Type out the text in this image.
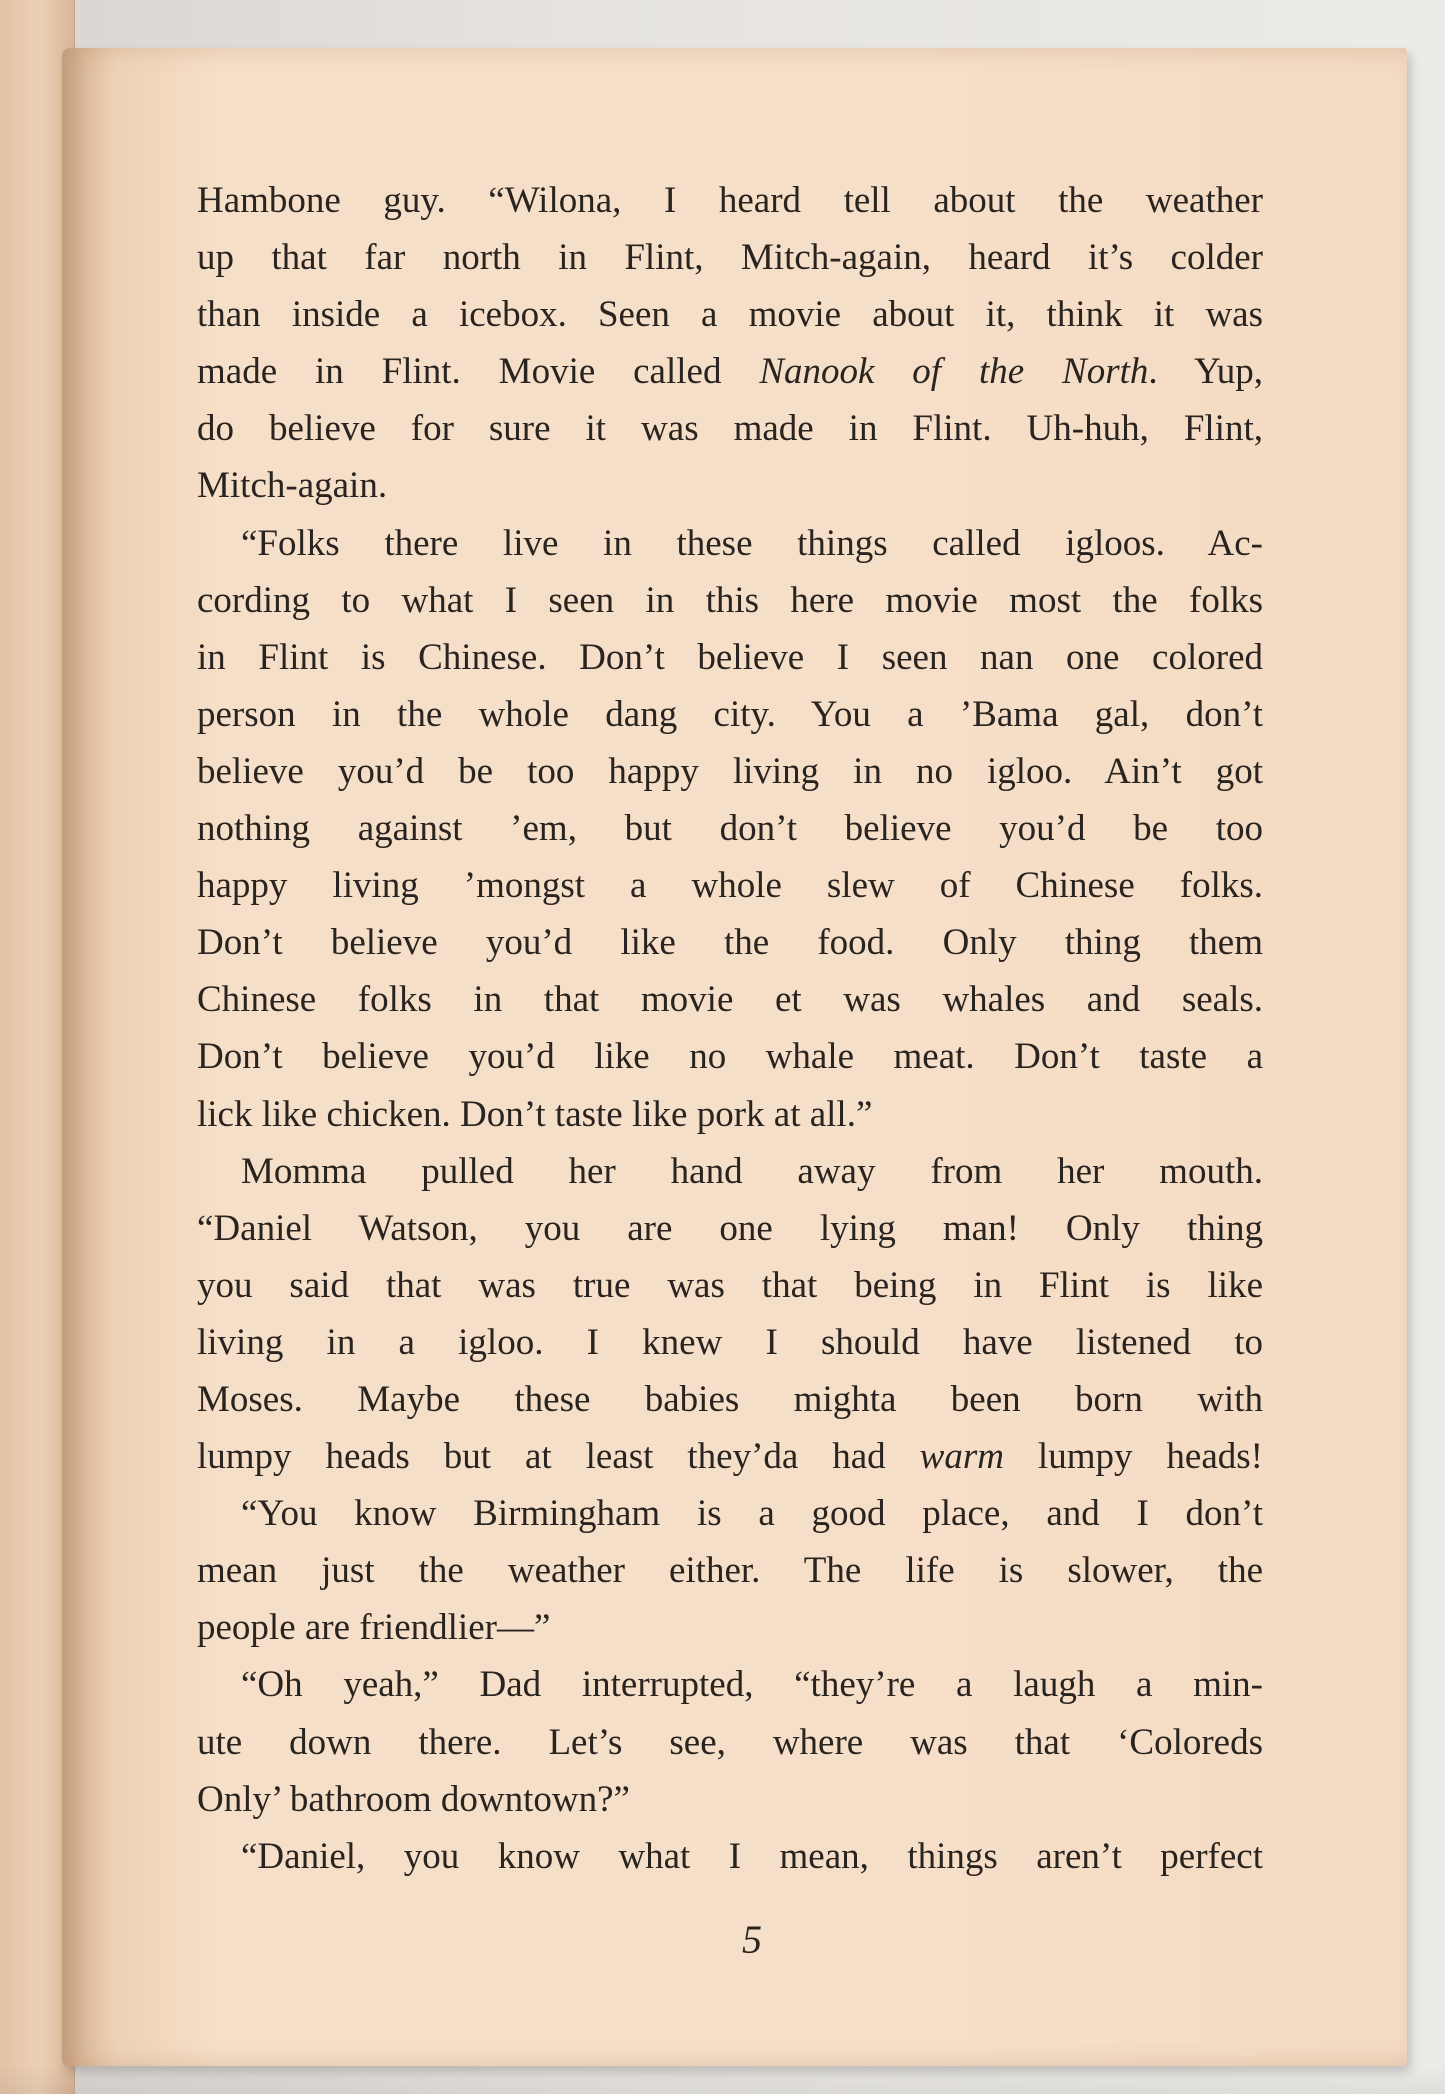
Hambone guy. “Wilona, I heard tell about the weather
up that far north in Flint, Mitch-again, heard it’s colder
than inside a icebox. Seen a movie about it, think it was
made in Flint. Movie called Nanook of the North. Yup,
do believe for sure it was made in Flint. Uh-huh, Flint,
Mitch-again.
“Folks there live in these things called igloos. Ac-
cording to what I seen in this here movie most the folks
in Flint is Chinese. Don’t believe I seen nan one colored
person in the whole dang city. You a ’Bama gal, don’t
believe you’d be too happy living in no igloo. Ain’t got
nothing against ’em, but don’t believe you’d be too
happy living ’mongst a whole slew of Chinese folks.
Don’t believe you’d like the food. Only thing them
Chinese folks in that movie et was whales and seals.
Don’t believe you’d like no whale meat. Don’t taste a
lick like chicken. Don’t taste like pork at all.”
Momma pulled her hand away from her mouth.
“Daniel Watson, you are one lying man! Only thing
you said that was true was that being in Flint is like
living in a igloo. I knew I should have listened to
Moses. Maybe these babies mighta been born with
lumpy heads but at least they’da had warm lumpy heads!
“You know Birmingham is a good place, and I don’t
mean just the weather either. The life is slower, the
people are friendlier—”
“Oh yeah,” Dad interrupted, “they’re a laugh a min-
ute down there. Let’s see, where was that ‘Coloreds
Only’ bathroom downtown?”
“Daniel, you know what I mean, things aren’t perfect
5
